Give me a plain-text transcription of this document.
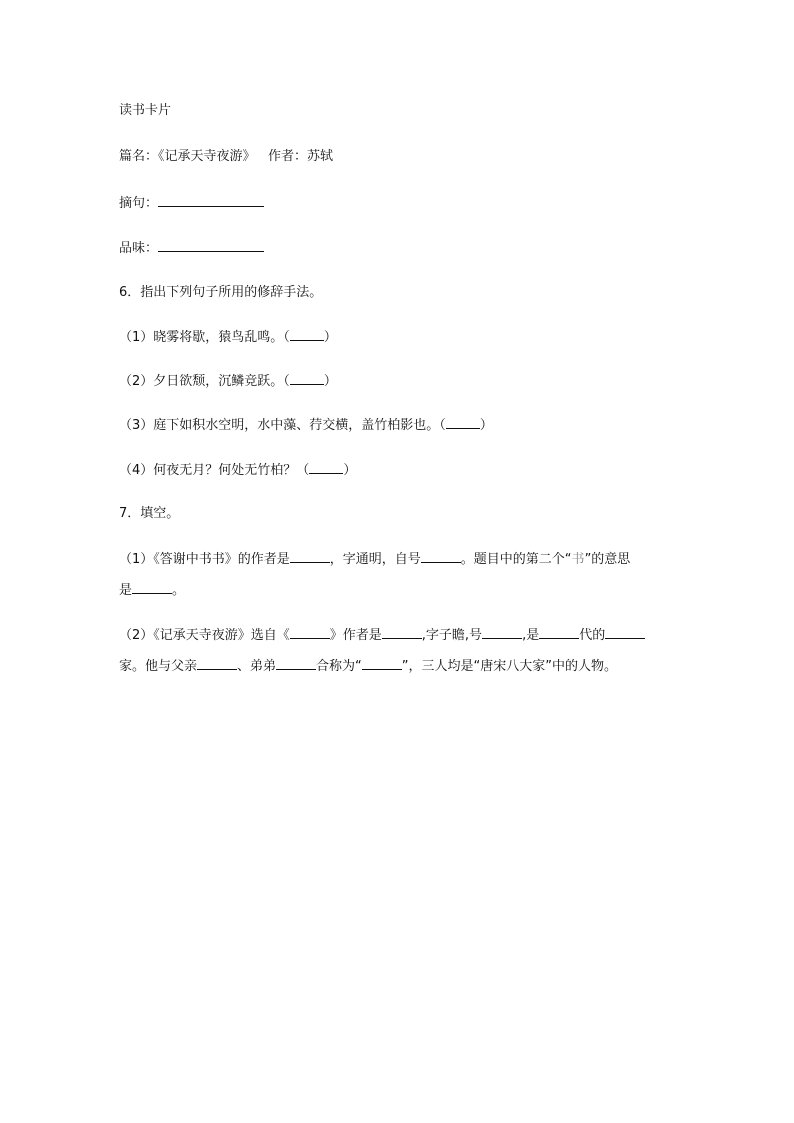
读书卡片
篇名：《记承天寺夜游》 作者：苏轼
摘句：
品味：
6．指出下列句子所用的修辞手法。
（1）晓雾将歇，猿鸟乱鸣。（	）
（2）夕日欲颓，沉鳞竞跃。（	）
（3）庭下如积水空明，水中藻、荇交横，盖竹柏影也。（	）
（4）何夜无月？何处无竹柏？（	）
7．填空。
（1）《答谢中书书》的作者是	，字通明，自号	。题目中的第二个“书”的意思
是	。
（2）《记承天寺夜游》选自《	》作者是	,字子瞻,号	,是	代的
家。他与父亲	、弟弟	合称为“	”，三人均是“唐宋八大家”中的人物。
